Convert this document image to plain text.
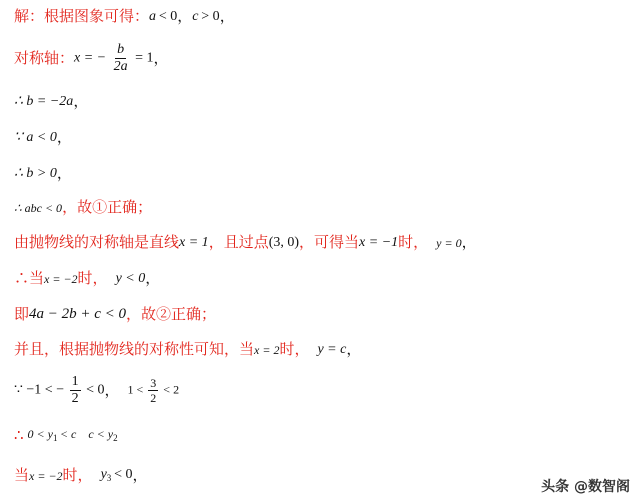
解：根据图象可得： a  < 0 ， c  > 0 ，
对称轴： x = − $\frac{b}{2a} = 1$ ，
∴ b = −2a ，
∵ a < 0 ，
∴ b > 0 ，
∴ abc < 0 ，故①正确；
由抛物线的对称轴是直线 x = 1 ，且过点 (3, 0) ，可得当 x = −1 时， y = 0 ，
∴当 x = −2 时， y < 0 ，
即 4a − 2b + c < 0 ，故②正确；
并且，根据抛物线的对称性可知，当 x = 2 时， y = c ，
∵ −1 < − $\frac{1}{2} < 0$ ， $1 < \frac{3}{2} < 2$
∴ $0 < y_1 < c$ $c < y_2$
当 x = −2 时， $y_3 < 0$ ，
头条 @数智阁
